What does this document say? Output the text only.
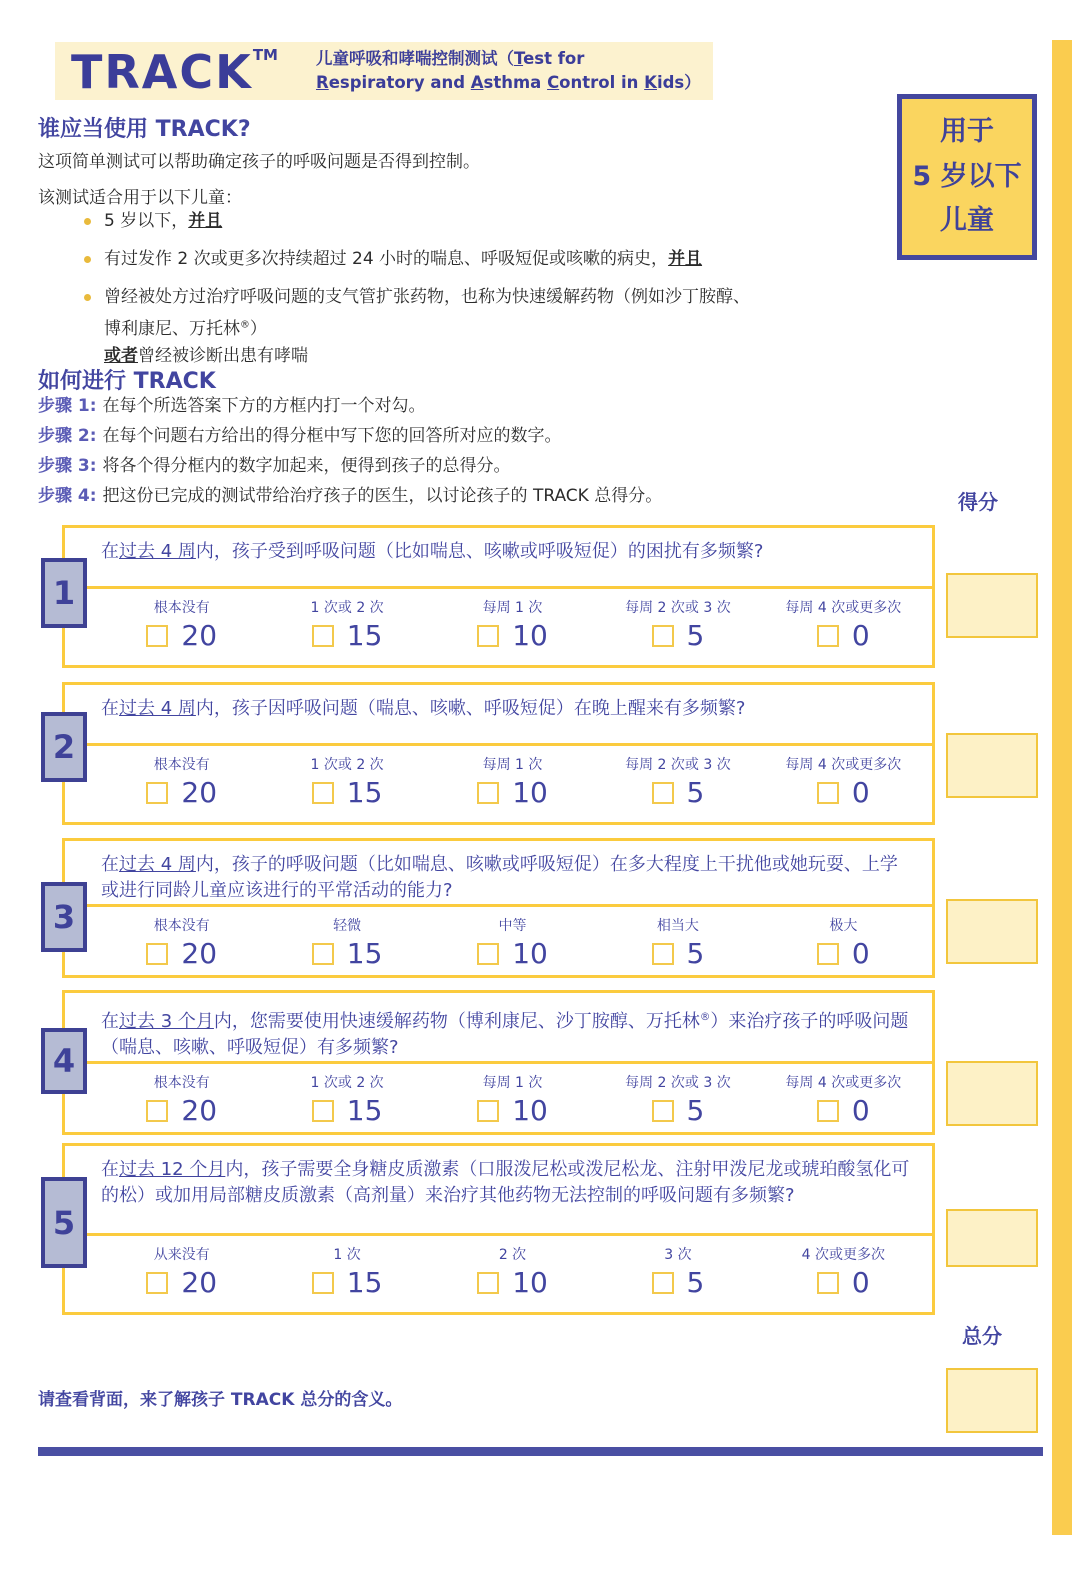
TRACK™ 儿童呼吸和哮喘控制测试（Test for
Respiratory and Asthma Control in Kids）
用于
5 岁以下
儿童
谁应当使用 TRACK?
这项简单测试可以帮助确定孩子的呼吸问题是否得到控制。
该测试适合用于以下儿童：
5 岁以下，并且
有过发作 2 次或更多次持续超过 24 小时的喘息、呼吸短促或咳嗽的病史，并且
曾经被处方过治疗呼吸问题的支气管扩张药物，也称为快速缓解药物（例如沙丁胺醇、
博利康尼、万托林®）
或者曾经被诊断出患有哮喘
如何进行 TRACK
步骤 1: 在每个所选答案下方的方框内打一个对勾。
步骤 2: 在每个问题右方给出的得分框中写下您的回答所对应的数字。
步骤 3: 将各个得分框内的数字加起来，便得到孩子的总得分。
步骤 4: 把这份已完成的测试带给治疗孩子的医生，以讨论孩子的 TRACK 总得分。	得分
在过去 4 周内，孩子受到呼吸问题（比如喘息、咳嗽或呼吸短促）的困扰有多频繁?
根本没有
20
1 次或 2 次
15
每周 1 次
10
每周 2 次或 3 次
5
每周 4 次或更多次
0
1
在过去 4 周内，孩子因呼吸问题（喘息、咳嗽、呼吸短促）在晚上醒来有多频繁?
根本没有
20
1 次或 2 次
15
每周 1 次
10
每周 2 次或 3 次
5
每周 4 次或更多次
0
2
在过去 4 周内，孩子的呼吸问题（比如喘息、咳嗽或呼吸短促）在多大程度上干扰他或她玩耍、上学或进行同龄儿童应该进行的平常活动的能力?
根本没有
20
轻微
15
中等
10
相当大
5
极大
0
3
在过去 3 个月内，您需要使用快速缓解药物（博利康尼、沙丁胺醇、万托林®）来治疗孩子的呼吸问题（喘息、咳嗽、呼吸短促）有多频繁?
根本没有
20
1 次或 2 次
15
每周 1 次
10
每周 2 次或 3 次
5
每周 4 次或更多次
0
4
在过去 12 个月内，孩子需要全身糖皮质激素（口服泼尼松或泼尼松龙、注射甲泼尼龙或琥珀酸氢化可的松）或加用局部糖皮质激素（高剂量）来治疗其他药物无法控制的呼吸问题有多频繁?
从来没有
20
1 次
15
2 次
10
3 次
5
4 次或更多次
0
5
总分
请查看背面，来了解孩子 TRACK 总分的含义。
